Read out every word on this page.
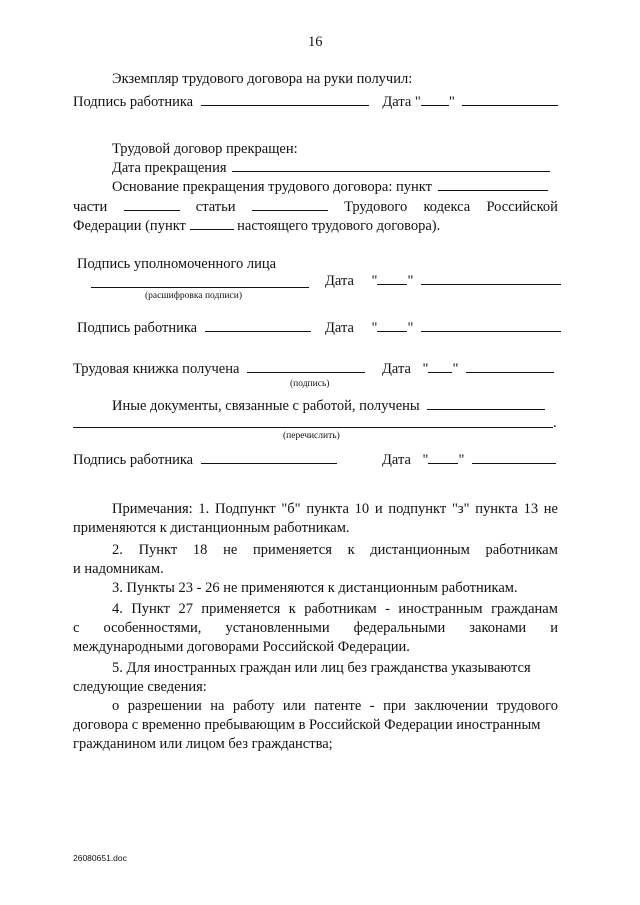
16
Экземпляр трудового договора на руки получил:
Подпись работника	Дата " "
Трудовой договор прекращен:
Дата прекращения
Основание прекращения трудового договора: пункт
части	статьи	Трудового кодекса Российской
Федерации (пункт	настоящего трудового договора).
Подпись уполномоченного лица
(расшифровка подписи)
Дата " "
Подпись работника	Дата " "
Трудовая книжка получена
(подпись)
Дата " "
Иные документы, связанные с работой, получены
.
(перечислить)
Подпись работника	Дата " "
Примечания: 1. Подпункт "б" пункта 10 и подпункт "з" пункта 13 не
применяются к дистанционным работникам.
2. Пункт 18 не применяется к дистанционным работникам
и надомникам.
3. Пункты 23 - 26 не применяются к дистанционным работникам.
4. Пункт 27 применяется к работникам - иностранным гражданам
с особенностями, установленными федеральными законами и
международными договорами Российской Федерации.
5. Для иностранных граждан или лиц без гражданства указываются
следующие сведения:
о разрешении на работу или патенте - при заключении трудового
договора с временно пребывающим в Российской Федерации иностранным
гражданином или лицом без гражданства;
26080651.doc
